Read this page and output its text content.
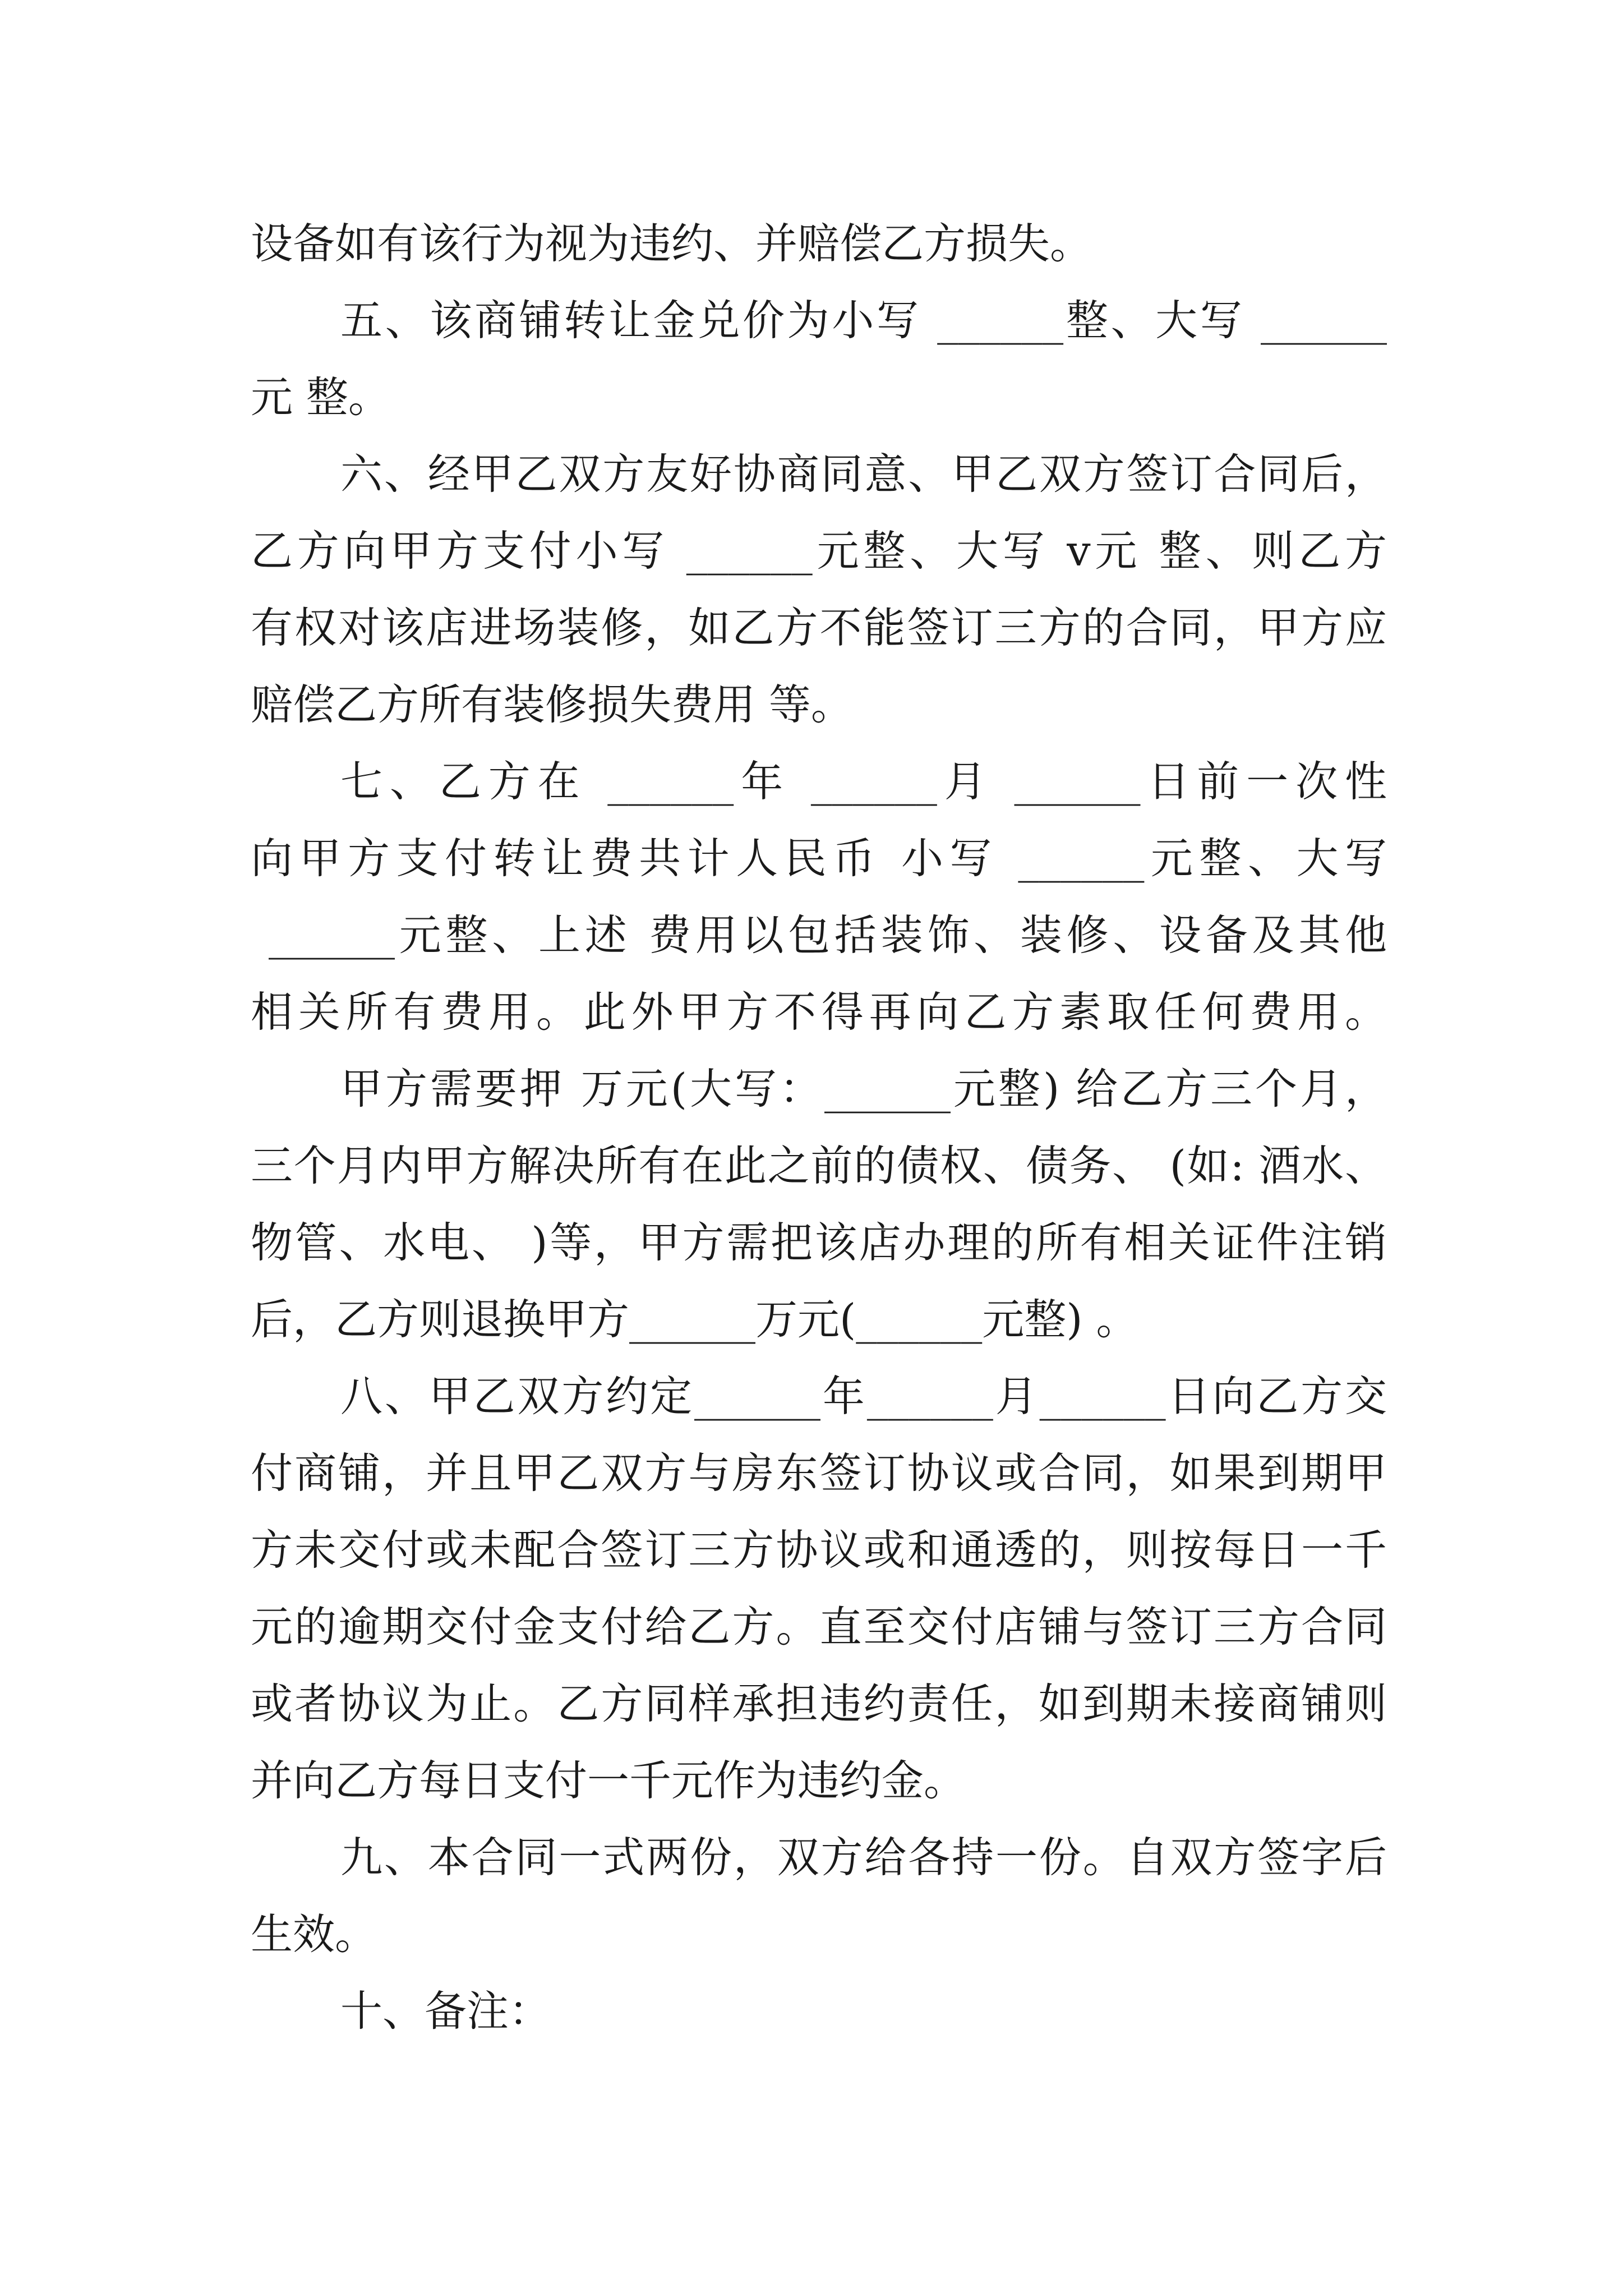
设备如有该行为视为违约、并赔偿乙方损失。
五、该商铺转让金兑价为小写 ______整、大写 ______
元 整。
六、经甲乙双方友好协商同意、甲乙双方签订合同后，
乙方向甲方支付小写 ______元整、大写 v元 整、则乙方
有权对该店进场装修，如乙方不能签订三方的合同，甲方应
赔偿乙方所有装修损失费用 等。
七、乙方在 ______年 ______月 ______日前一次性
向甲方支付转让费共计人民币 小写 ______元整、大写
______元整、上述 费用以包括装饰、装修、设备及其他
相关所有费用。此外甲方不得再向乙方素取任何费用。
甲方需要押 万元(大写：______元整) 给乙方三个月，
三个月内甲方解决所有在此之前的债权、债务、 (如: 酒水、
物管、水电、 )等，甲方需把该店办理的所有相关证件注销
后，乙方则退换甲方______万元(______元整) 。
八、甲乙双方约定______年______月______日向乙方交
付商铺，并且甲乙双方与房东签订协议或合同，如果到期甲
方未交付或未配合签订三方协议或和通透的，则按每日一千
元的逾期交付金支付给乙方。直至交付店铺与签订三方合同
或者协议为止。乙方同样承担违约责任，如到期未接商铺则
并向乙方每日支付一千元作为违约金。
九、本合同一式两份，双方给各持一份。自双方签字后
生效。
十、备注：
